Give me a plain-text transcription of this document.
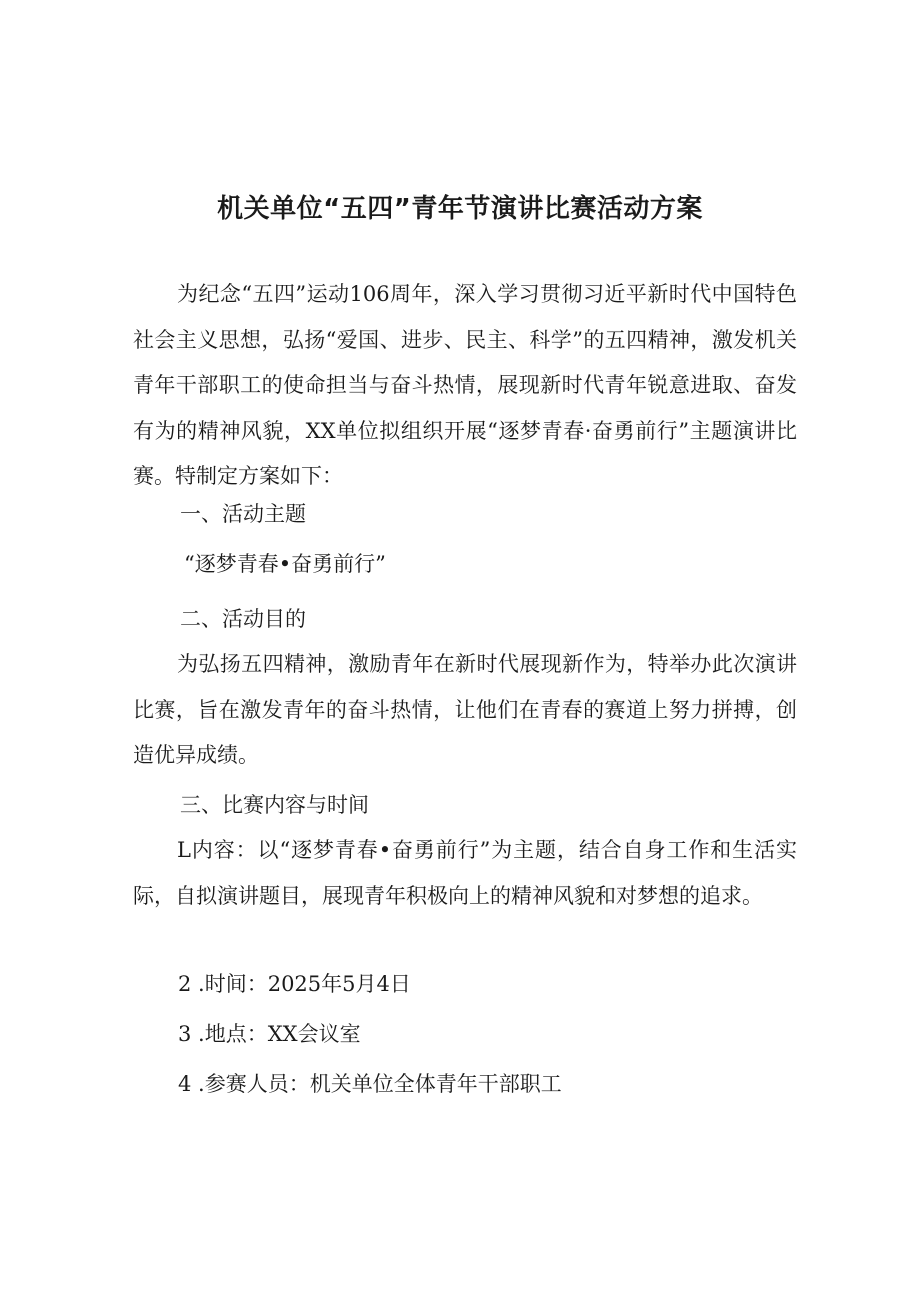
机关单位“五四”青年节演讲比赛活动方案

为纪念“五四”运动106周年，深入学习贯彻习近平新时代中国特色社会主义思想，弘扬“爱国、进步、民主、科学”的五四精神，激发机关青年干部职工的使命担当与奋斗热情，展现新时代青年锐意进取、奋发有为的精神风貌，XX单位拟组织开展“逐梦青春·奋勇前行”主题演讲比赛。特制定方案如下：

一、活动主题

“逐梦青春•奋勇前行”

二、活动目的

为弘扬五四精神，激励青年在新时代展现新作为，特举办此次演讲比赛，旨在激发青年的奋斗热情，让他们在青春的赛道上努力拼搏，创造优异成绩。

三、比赛内容与时间

L内容：以“逐梦青春•奋勇前行”为主题，结合自身工作和生活实际，自拟演讲题目，展现青年积极向上的精神风貌和对梦想的追求。

2 .时间：2025年5月4日

3 .地点：XX会议室

4 .参赛人员：机关单位全体青年干部职工
